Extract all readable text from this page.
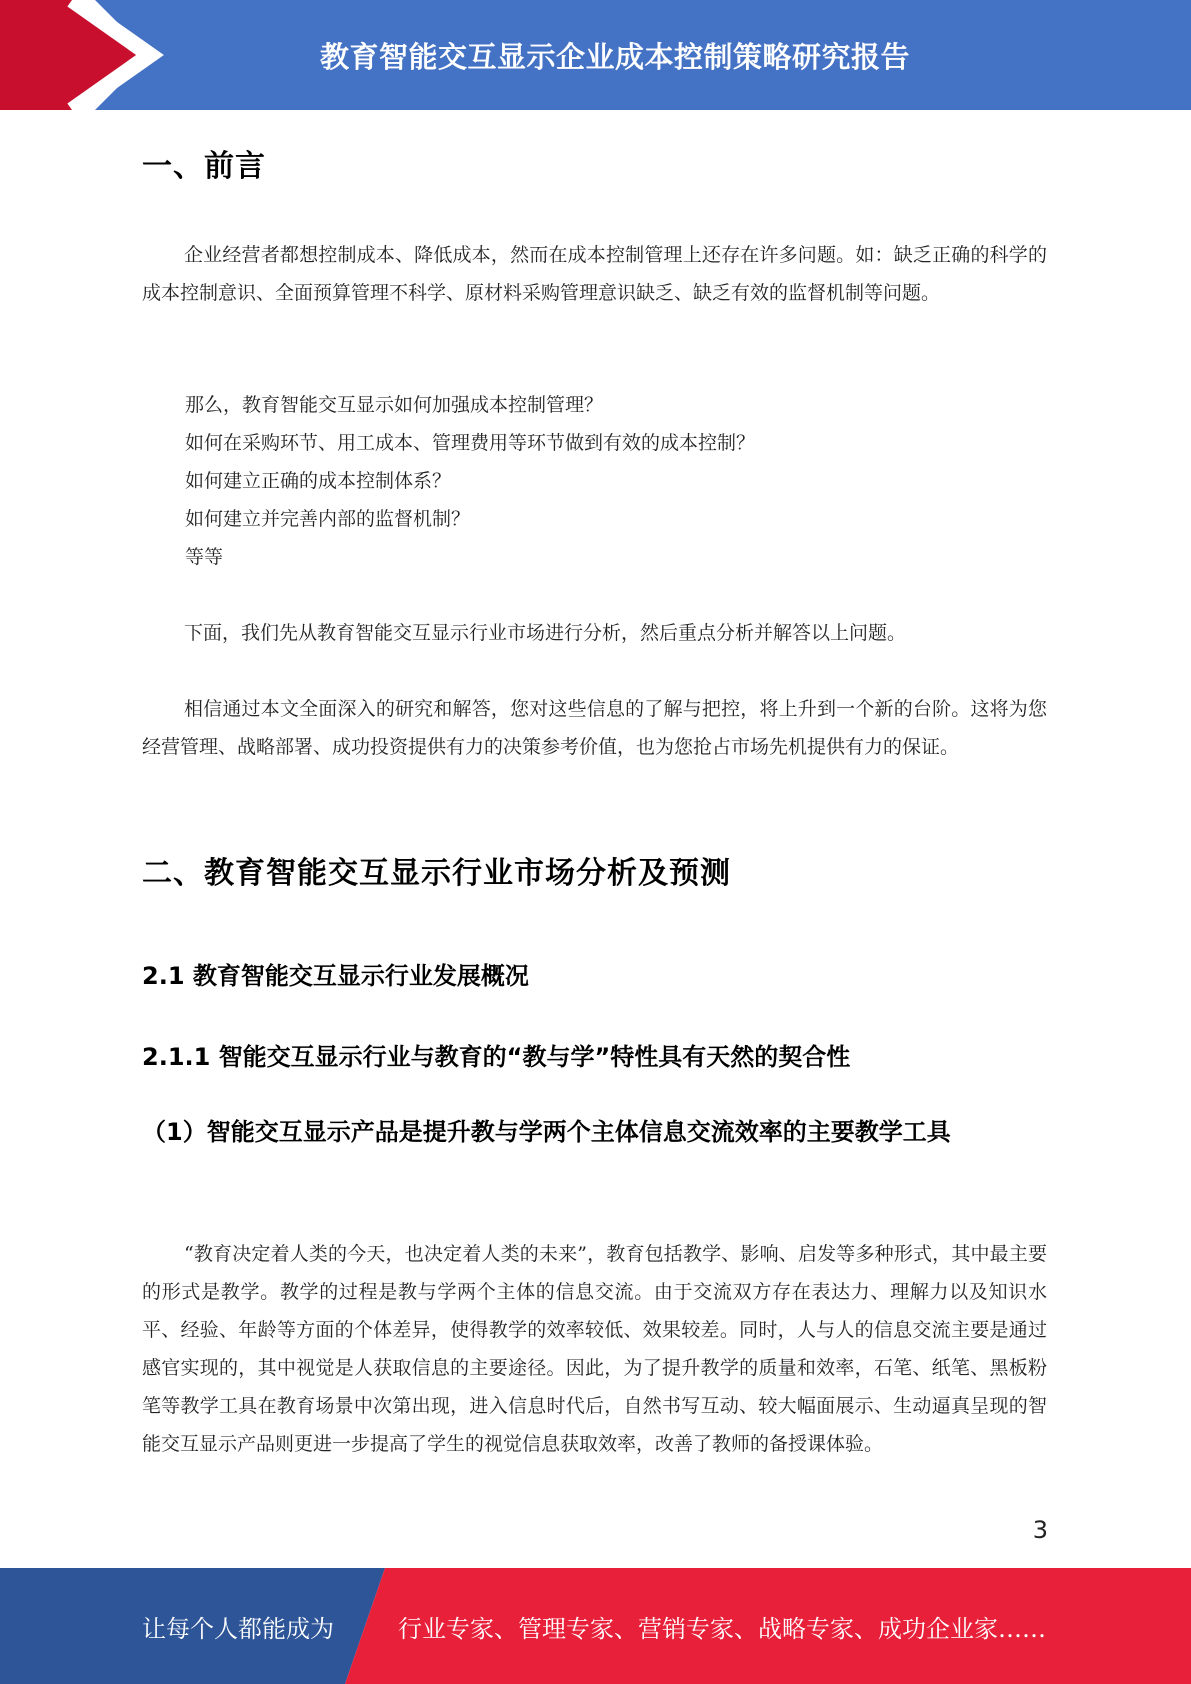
教育智能交互显示企业成本控制策略研究报告
一、前言

企业经营者都想控制成本、降低成本，然而在成本控制管理上还存在许多问题。如：缺乏正确的科学的成本控制意识、全面预算管理不科学、原材料采购管理意识缺乏、缺乏有效的监督机制等问题。

那么，教育智能交互显示如何加强成本控制管理？

如何在采购环节、用工成本、管理费用等环节做到有效的成本控制？

如何建立正确的成本控制体系？

如何建立并完善内部的监督机制？

等等

下面，我们先从教育智能交互显示行业市场进行分析，然后重点分析并解答以上问题。

相信通过本文全面深入的研究和解答，您对这些信息的了解与把控，将上升到一个新的台阶。这将为您经营管理、战略部署、成功投资提供有力的决策参考价值，也为您抢占市场先机提供有力的保证。

二、教育智能交互显示行业市场分析及预测
2.1 教育智能交互显示行业发展概况
2.1.1 智能交互显示行业与教育的“教与学”特性具有天然的契合性
（1）智能交互显示产品是提升教与学两个主体信息交流效率的主要教学工具

“教育决定着人类的今天，也决定着人类的未来”，教育包括教学、影响、启发等多种形式，其中最主要的形式是教学。教学的过程是教与学两个主体的信息交流。由于交流双方存在表达力、理解力以及知识水平、经验、年龄等方面的个体差异，使得教学的效率较低、效果较差。同时，人与人的信息交流主要是通过感官实现的，其中视觉是人获取信息的主要途径。因此，为了提升教学的质量和效率，石笔、纸笔、黑板粉笔等教学工具在教育场景中次第出现，进入信息时代后，自然书写互动、较大幅面展示、生动逼真呈现的智能交互显示产品则更进一步提高了学生的视觉信息获取效率，改善了教师的备授课体验。

3
让每个人都能成为	行业专家、管理专家、营销专家、战略专家、成功企业家……
